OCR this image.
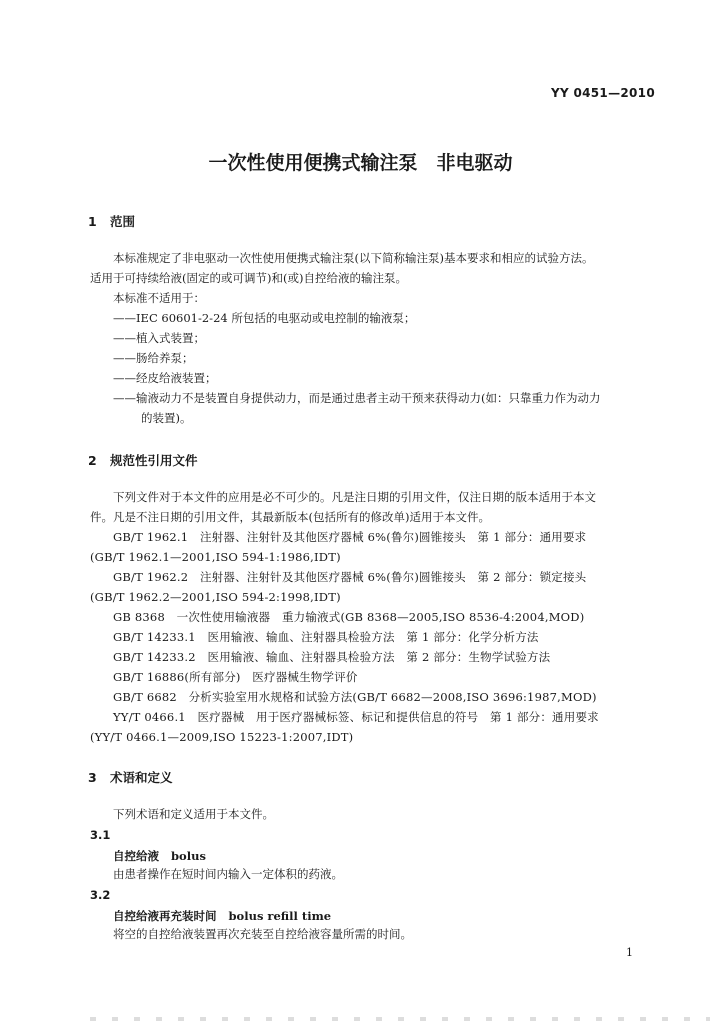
YY 0451—2010
一次性使用便携式输注泵　非电驱动
1 范围
本标准规定了非电驱动一次性使用便携式输注泵(以下简称输注泵)基本要求和相应的试验方法。
适用于可持续给液(固定的或可调节)和(或)自控给液的输注泵。
本标准不适用于：
——IEC 60601-2-24 所包括的电驱动或电控制的输液泵；
——植入式装置；
——肠给养泵；
——经皮给液装置；
——输液动力不是装置自身提供动力，而是通过患者主动干预来获得动力(如：只靠重力作为动力
的装置)。
2 规范性引用文件
下列文件对于本文件的应用是必不可少的。凡是注日期的引用文件，仅注日期的版本适用于本文
件。凡是不注日期的引用文件，其最新版本(包括所有的修改单)适用于本文件。
GB/T 1962.1　注射器、注射针及其他医疗器械 6%(鲁尔)圆锥接头　第 1 部分：通用要求
(GB/T 1962.1—2001,ISO 594-1:1986,IDT)
GB/T 1962.2　注射器、注射针及其他医疗器械 6%(鲁尔)圆锥接头　第 2 部分：锁定接头
(GB/T 1962.2—2001,ISO 594-2:1998,IDT)
GB 8368　一次性使用输液器　重力输液式(GB 8368—2005,ISO 8536-4:2004,MOD)
GB/T 14233.1　医用输液、输血、注射器具检验方法　第 1 部分：化学分析方法
GB/T 14233.2　医用输液、输血、注射器具检验方法　第 2 部分：生物学试验方法
GB/T 16886(所有部分)　医疗器械生物学评价
GB/T 6682　分析实验室用水规格和试验方法(GB/T 6682—2008,ISO 3696:1987,MOD)
YY/T 0466.1　医疗器械　用于医疗器械标签、标记和提供信息的符号　第 1 部分：通用要求
(YY/T 0466.1—2009,ISO 15223-1:2007,IDT)
3 术语和定义
下列术语和定义适用于本文件。
3.1
自控给液 bolus
由患者操作在短时间内输入一定体积的药液。
3.2
自控给液再充装时间 bolus refill time
将空的自控给液装置再次充装至自控给液容量所需的时间。
1
